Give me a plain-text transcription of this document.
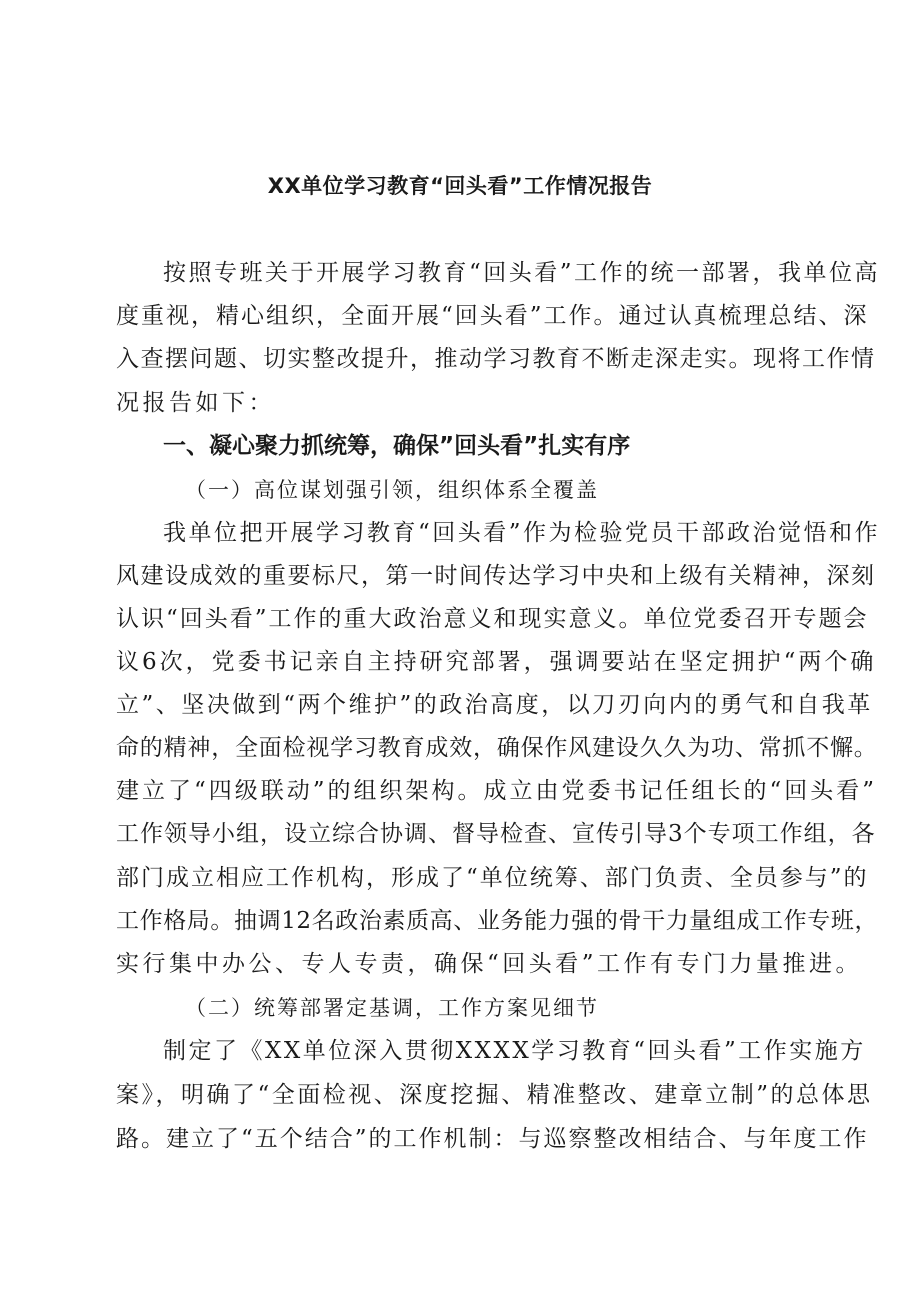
XX单位学习教育“回头看”工作情况报告
按照专班关于开展学习教育“回头看”工作的统一部署，我单位高
度重视，精心组织，全面开展“回头看”工作。通过认真梳理总结、深
入查摆问题、切实整改提升，推动学习教育不断走深走实。现将工作情
况报告如下：
一、凝心聚力抓统筹，确保”回头看”扎实有序
（一）高位谋划强引领，组织体系全覆盖
我单位把开展学习教育“回头看”作为检验党员干部政治觉悟和作
风建设成效的重要标尺，第一时间传达学习中央和上级有关精神，深刻
认识“回头看”工作的重大政治意义和现实意义。单位党委召开专题会
议6次，党委书记亲自主持研究部署，强调要站在坚定拥护“两个确
立”、坚决做到“两个维护”的政治高度，以刀刃向内的勇气和自我革
命的精神，全面检视学习教育成效，确保作风建设久久为功、常抓不懈。
建立了“四级联动”的组织架构。成立由党委书记任组长的“回头看”
工作领导小组，设立综合协调、督导检查、宣传引导3个专项工作组，各
部门成立相应工作机构，形成了“单位统筹、部门负责、全员参与”的
工作格局。抽调12名政治素质高、业务能力强的骨干力量组成工作专班，
实行集中办公、专人专责，确保“回头看”工作有专门力量推进。
（二）统筹部署定基调，工作方案见细节
制定了《XX单位深入贯彻XXXX学习教育“回头看”工作实施方
案》，明确了“全面检视、深度挖掘、精准整改、建章立制”的总体思
路。建立了“五个结合”的工作机制：与巡察整改相结合、与年度工作
